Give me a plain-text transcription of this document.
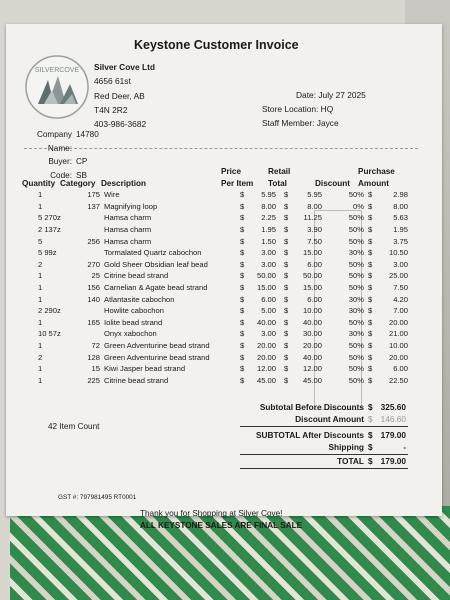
Keystone Customer Invoice
SILVERCOVE Silver Cove Ltd
4656 61st
Red Deer, AB
T4N 2R2
403-986-3682
Date: July 27 2025
Store Location: HQ
Staff Member: Jayce
Company Name:
14780
Buyer: CP
Code: SB
Quantity Category Description
Price
Per Item
Retail
Total	Discount
Purchase
Amount
1	175	Wire	$	5.95	$	5.95	50%	$	2.98
1	137	Magnifying loop	$	8.00	$	8.00	0%	$	8.00
5 270z		Hamsa charm	$	2.25	$	11.25	50%	$	5.63
2 137z		Hamsa charm	$	1.95	$	3.90	50%	$	1.95
5	256	Hamsa charm	$	1.50	$	7.50	50%	$	3.75
5 99z		Tormalated Quartz cabochon	$	3.00	$	15.00	30%	$	10.50
2	270	Gold Sheer Obsidian leaf bead	$	3.00	$	6.00	50%	$	3.00
1	25	Citrine bead strand	$	50.00	$	50.00	50%	$	25.00
1	156	Carnelian & Agate bead strand	$	15.00	$	15.00	50%	$	7.50
1	140	Atlantasite cabochon	$	6.00	$	6.00	30%	$	4.20
2 290z		Howlite cabochon	$	5.00	$	10.00	30%	$	7.00
1	165	Iolite bead strand	$	40.00	$	40.00	50%	$	20.00
10 57z		Onyx xabochon	$	3.00	$	30.00	30%	$	21.00
1	72	Green Adventurine bead strand	$	20.00	$	20.00	50%	$	10.00
2	128	Green Adventurine bead strand	$	20.00	$	40.00	50%	$	20.00
1	15	Kiwi Jasper bead strand	$	12.00	$	12.00	50%	$	6.00
1	225	Citrine bead strand	$	45.00	$	45.00	50%	$	22.50
42 Item Count
Subtotal Before Discounts $ 325.60
Discount Amount $ 146.60
SUBTOTAL After Discounts $ 179.00
Shipping $	-
TOTAL $ 179.00
GST #: 797981495 RT0001
Thank you for Shopping at Silver Cove!
ALL KEYSTONE SALES ARE FINAL SALE
